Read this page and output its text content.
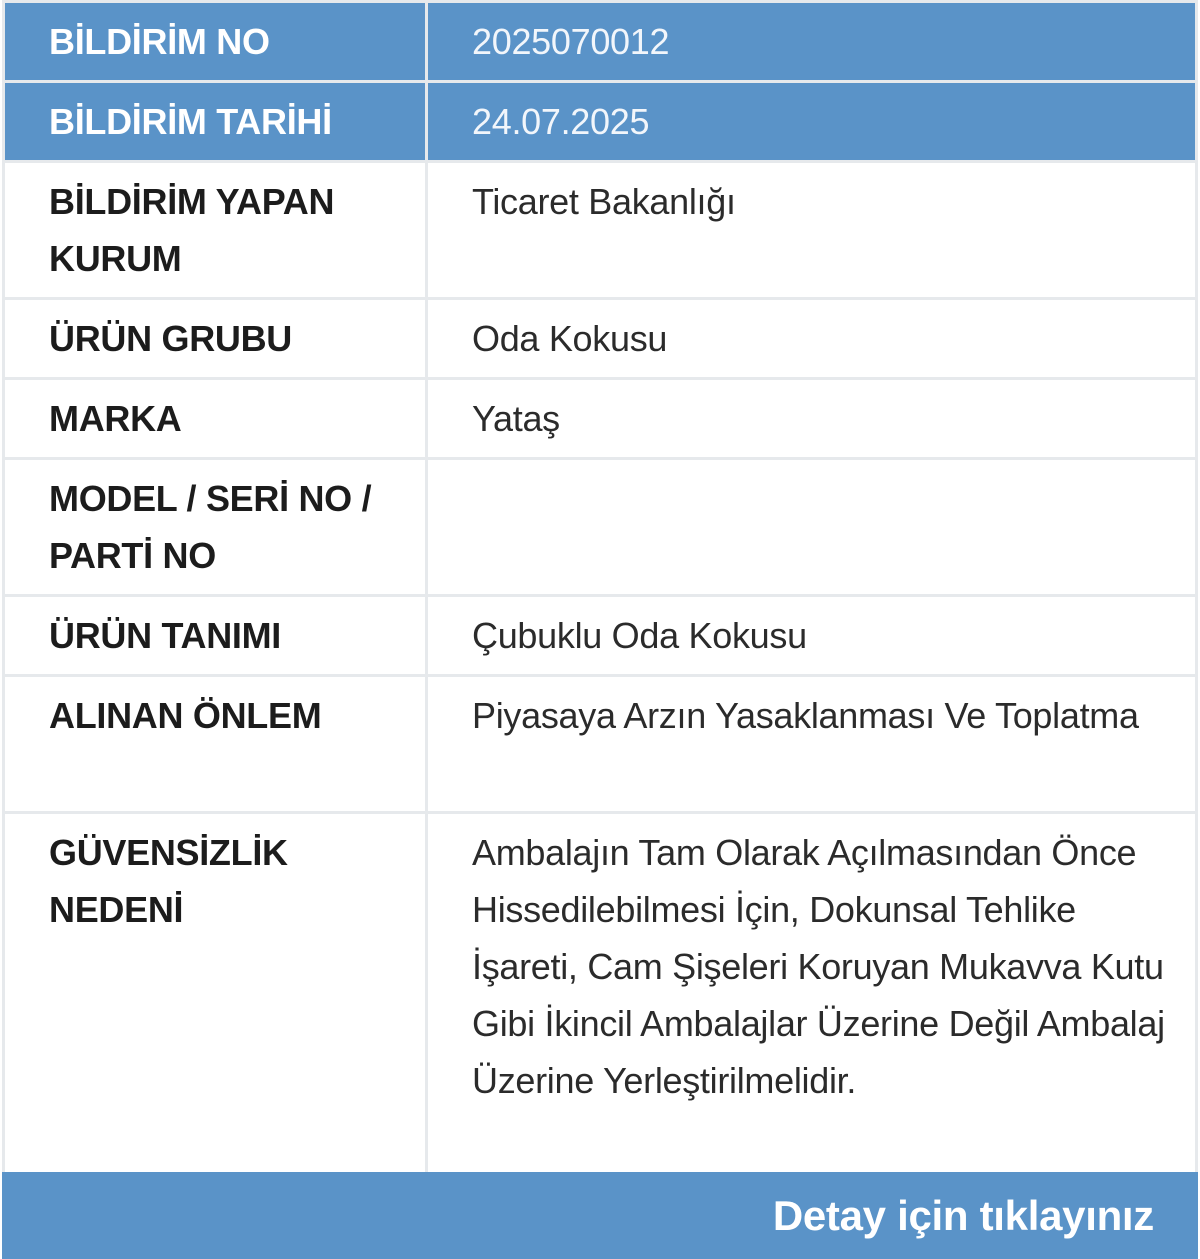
BİLDİRİM NO	2025070012
BİLDİRİM TARİHİ	24.07.2025
BİLDİRİM YAPAN KURUM	Ticaret Bakanlığı
ÜRÜN GRUBU	Oda Kokusu
MARKA	Yataş
MODEL / SERİ NO / PARTİ NO	
ÜRÜN TANIMI	Çubuklu Oda Kokusu
ALINAN ÖNLEM	Piyasaya Arzın Yasaklanması Ve Toplatma
GÜVENSİZLİK NEDENİ	Ambalajın Tam Olarak Açılmasından Önce Hissedilebilmesi İçin, Dokunsal Tehlike İşareti, Cam Şişeleri Koruyan Mukavva Kutu Gibi İkincil Ambalajlar Üzerine Değil Ambalaj Üzerine Yerleştirilmelidir.
Detay için tıklayınız
